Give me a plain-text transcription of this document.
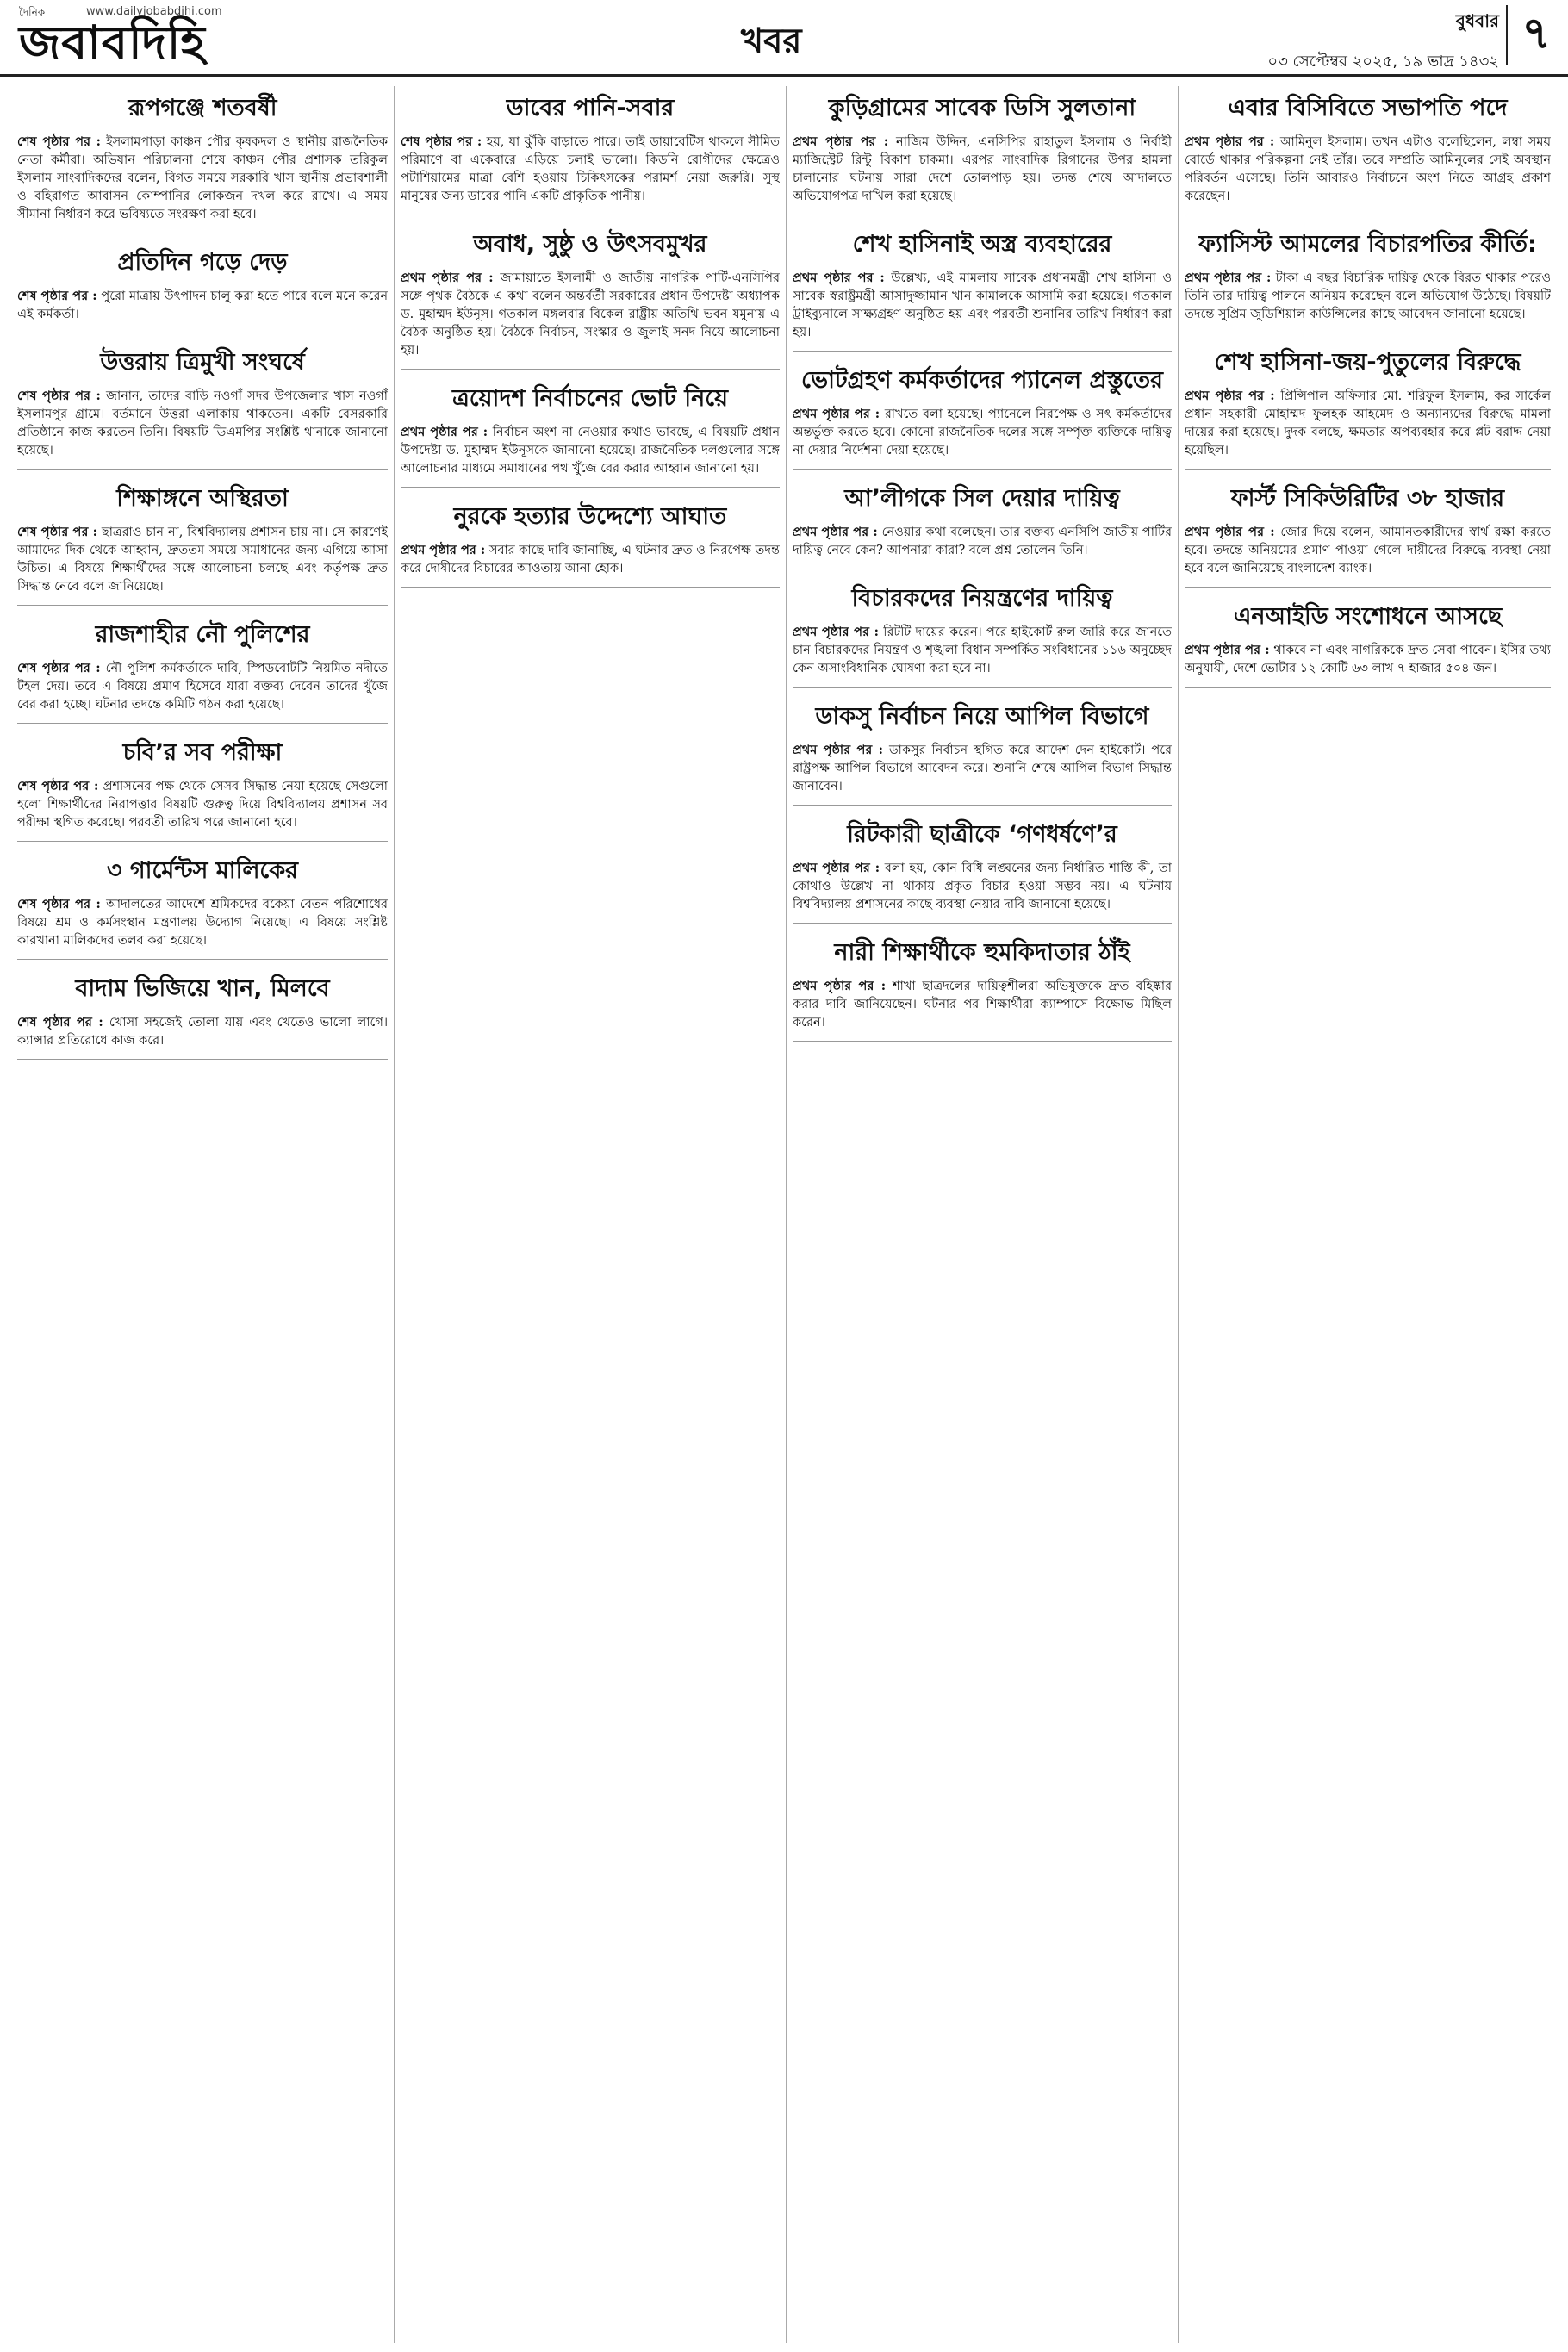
দৈনিক	www.dailyjobabdihi.com
জবাবদিহি	খবর
বুধবার
০৩ সেপ্টেম্বর ২০২৫, ১৯ ভাদ্র ১৪৩২
৭
রূপগঞ্জে শতবর্ষী
শেষ পৃষ্ঠার পর : ইসলামপাড়া কাঞ্চন পৌর কৃষকদল ও স্থানীয় রাজনৈতিক নেতা কর্মীরা। অভিযান পরিচালনা শেষে কাঞ্চন পৌর প্রশাসক তরিকুল ইসলাম সাংবাদিকদের বলেন, বিগত সময়ে সরকারি খাস স্থানীয় প্রভাবশালী ও বহিরাগত আবাসন কোম্পানির লোকজন দখল করে রাখে। এ সময় সীমানা নির্ধারণ করে ভবিষ্যতে সংরক্ষণ করা হবে।
প্রতিদিন গড়ে দেড়
শেষ পৃষ্ঠার পর : পুরো মাত্রায় উৎপাদন চালু করা হতে পারে বলে মনে করেন এই কর্মকর্তা।
উত্তরায় ত্রিমুখী সংঘর্ষে
শেষ পৃষ্ঠার পর : জানান, তাদের বাড়ি নওগাঁ সদর উপজেলার খাস নওগাঁ ইসলামপুর গ্রামে। বর্তমানে উত্তরা এলাকায় থাকতেন। একটি বেসরকারি প্রতিষ্ঠানে কাজ করতেন তিনি। বিষয়টি ডিএমপির সংশ্লিষ্ট থানাকে জানানো হয়েছে।
শিক্ষাঙ্গনে অস্থিরতা
শেষ পৃষ্ঠার পর : ছাত্ররাও চান না, বিশ্ববিদ্যালয় প্রশাসন চায় না। সে কারণেই আমাদের দিক থেকে আহ্বান, দ্রুততম সময়ে সমাধানের জন্য এগিয়ে আসা উচিত। এ বিষয়ে শিক্ষার্থীদের সঙ্গে আলোচনা চলছে এবং কর্তৃপক্ষ দ্রুত সিদ্ধান্ত নেবে বলে জানিয়েছে।
রাজশাহীর নৌ পুলিশের
শেষ পৃষ্ঠার পর : নৌ পুলিশ কর্মকর্তাকে দাবি, স্পিডবোটটি নিয়মিত নদীতে টহল দেয়। তবে এ বিষয়ে প্রমাণ হিসেবে যারা বক্তব্য দেবেন তাদের খুঁজে বের করা হচ্ছে। ঘটনার তদন্তে কমিটি গঠন করা হয়েছে।
চবি’র সব পরীক্ষা
শেষ পৃষ্ঠার পর : প্রশাসনের পক্ষ থেকে সেসব সিদ্ধান্ত নেয়া হয়েছে সেগুলো হলো শিক্ষার্থীদের নিরাপত্তার বিষয়টি গুরুত্ব দিয়ে বিশ্ববিদ্যালয় প্রশাসন সব পরীক্ষা স্থগিত করেছে। পরবর্তী তারিখ পরে জানানো হবে।
৩ গার্মেন্টস মালিকের
শেষ পৃষ্ঠার পর : আদালতের আদেশে শ্রমিকদের বকেয়া বেতন পরিশোধের বিষয়ে শ্রম ও কর্মসংস্থান মন্ত্রণালয় উদ্যোগ নিয়েছে। এ বিষয়ে সংশ্লিষ্ট কারখানা মালিকদের তলব করা হয়েছে।
বাদাম ভিজিয়ে খান, মিলবে
শেষ পৃষ্ঠার পর : খোসা সহজেই তোলা যায় এবং খেতেও ভালো লাগে। ক্যান্সার প্রতিরোধে কাজ করে।
ডাবের পানি-সবার
শেষ পৃষ্ঠার পর : হয়, যা ঝুঁকি বাড়াতে পারে। তাই ডায়াবেটিস থাকলে সীমিত পরিমাণে বা একেবারে এড়িয়ে চলাই ভালো। কিডনি রোগীদের ক্ষেত্রেও পটাশিয়ামের মাত্রা বেশি হওয়ায় চিকিৎসকের পরামর্শ নেয়া জরুরি। সুস্থ মানুষের জন্য ডাবের পানি একটি প্রাকৃতিক পানীয়।
অবাধ, সুষ্ঠু ও উৎসবমুখর
প্রথম পৃষ্ঠার পর : জামায়াতে ইসলামী ও জাতীয় নাগরিক পার্টি-এনসিপির সঙ্গে পৃথক বৈঠকে এ কথা বলেন অন্তর্বর্তী সরকারের প্রধান উপদেষ্টা অধ্যাপক ড. মুহাম্মদ ইউনূস। গতকাল মঙ্গলবার বিকেল রাষ্ট্রীয় অতিথি ভবন যমুনায় এ বৈঠক অনুষ্ঠিত হয়। বৈঠকে নির্বাচন, সংস্কার ও জুলাই সনদ নিয়ে আলোচনা হয়।
ত্রয়োদশ নির্বাচনের ভোট নিয়ে
প্রথম পৃষ্ঠার পর : নির্বাচন অংশ না নেওয়ার কথাও ভাবছে, এ বিষয়টি প্রধান উপদেষ্টা ড. মুহাম্মদ ইউনূসকে জানানো হয়েছে। রাজনৈতিক দলগুলোর সঙ্গে আলোচনার মাধ্যমে সমাধানের পথ খুঁজে বের করার আহ্বান জানানো হয়।
নুরকে হত্যার উদ্দেশ্যে আঘাত
প্রথম পৃষ্ঠার পর : সবার কাছে দাবি জানাচ্ছি, এ ঘটনার দ্রুত ও নিরপেক্ষ তদন্ত করে দোষীদের বিচারের আওতায় আনা হোক।
কুড়িগ্রামের সাবেক ডিসি সুলতানা
প্রথম পৃষ্ঠার পর : নাজিম উদ্দিন, এনসিপির রাহাতুল ইসলাম ও নির্বাহী ম্যাজিস্ট্রেট রিন্টু বিকাশ চাকমা। এরপর সাংবাদিক রিগানের উপর হামলা চালানোর ঘটনায় সারা দেশে তোলপাড় হয়। তদন্ত শেষে আদালতে অভিযোগপত্র দাখিল করা হয়েছে।
শেখ হাসিনাই অস্ত্র ব্যবহারের
প্রথম পৃষ্ঠার পর : উল্লেখ্য, এই মামলায় সাবেক প্রধানমন্ত্রী শেখ হাসিনা ও সাবেক স্বরাষ্ট্রমন্ত্রী আসাদুজ্জামান খান কামালকে আসামি করা হয়েছে। গতকাল ট্রাইব্যুনালে সাক্ষ্যগ্রহণ অনুষ্ঠিত হয় এবং পরবর্তী শুনানির তারিখ নির্ধারণ করা হয়।
ভোটগ্রহণ কর্মকর্তাদের প্যানেল প্রস্তুতের
প্রথম পৃষ্ঠার পর : রাখতে বলা হয়েছে। প্যানেলে নিরপেক্ষ ও সৎ কর্মকর্তাদের অন্তর্ভুক্ত করতে হবে। কোনো রাজনৈতিক দলের সঙ্গে সম্পৃক্ত ব্যক্তিকে দায়িত্ব না দেয়ার নির্দেশনা দেয়া হয়েছে।
আ’লীগকে সিল দেয়ার দায়িত্ব
প্রথম পৃষ্ঠার পর : নেওয়ার কথা বলেছেন। তার বক্তব্য এনসিপি জাতীয় পার্টির দায়িত্ব নেবে কেন? আপনারা কারা? বলে প্রশ্ন তোলেন তিনি।
বিচারকদের নিয়ন্ত্রণের দায়িত্ব
প্রথম পৃষ্ঠার পর : রিটটি দায়ের করেন। পরে হাইকোর্ট রুল জারি করে জানতে চান বিচারকদের নিয়ন্ত্রণ ও শৃঙ্খলা বিধান সম্পর্কিত সংবিধানের ১১৬ অনুচ্ছেদ কেন অসাংবিধানিক ঘোষণা করা হবে না।
ডাকসু নির্বাচন নিয়ে আপিল বিভাগে
প্রথম পৃষ্ঠার পর : ডাকসুর নির্বাচন স্থগিত করে আদেশ দেন হাইকোর্ট। পরে রাষ্ট্রপক্ষ আপিল বিভাগে আবেদন করে। শুনানি শেষে আপিল বিভাগ সিদ্ধান্ত জানাবেন।
রিটকারী ছাত্রীকে ‘গণধর্ষণে’র
প্রথম পৃষ্ঠার পর : বলা হয়, কোন বিধি লঙ্ঘনের জন্য নির্ধারিত শাস্তি কী, তা কোথাও উল্লেখ না থাকায় প্রকৃত বিচার হওয়া সম্ভব নয়। এ ঘটনায় বিশ্ববিদ্যালয় প্রশাসনের কাছে ব্যবস্থা নেয়ার দাবি জানানো হয়েছে।
নারী শিক্ষার্থীকে হুমকিদাতার ঠাঁই
প্রথম পৃষ্ঠার পর : শাখা ছাত্রদলের দায়িত্বশীলরা অভিযুক্তকে দ্রুত বহিষ্কার করার দাবি জানিয়েছেন। ঘটনার পর শিক্ষার্থীরা ক্যাম্পাসে বিক্ষোভ মিছিল করেন।
এবার বিসিবিতে সভাপতি পদে
প্রথম পৃষ্ঠার পর : আমিনুল ইসলাম। তখন এটাও বলেছিলেন, লম্বা সময় বোর্ডে থাকার পরিকল্পনা নেই তাঁর। তবে সম্প্রতি আমিনুলের সেই অবস্থান পরিবর্তন এসেছে। তিনি আবারও নির্বাচনে অংশ নিতে আগ্রহ প্রকাশ করেছেন।
ফ্যাসিস্ট আমলের বিচারপতির কীর্তি:
প্রথম পৃষ্ঠার পর : টাকা এ বছর বিচারিক দায়িত্ব থেকে বিরত থাকার পরেও তিনি তার দায়িত্ব পালনে অনিয়ম করেছেন বলে অভিযোগ উঠেছে। বিষয়টি তদন্তে সুপ্রিম জুডিশিয়াল কাউন্সিলের কাছে আবেদন জানানো হয়েছে।
শেখ হাসিনা-জয়-পুতুলের বিরুদ্ধে
প্রথম পৃষ্ঠার পর : প্রিন্সিপাল অফিসার মো. শরিফুল ইসলাম, কর সার্কেল প্রধান সহকারী মোহাম্মদ ফুলহক আহমেদ ও অন্যান্যদের বিরুদ্ধে মামলা দায়ের করা হয়েছে। দুদক বলছে, ক্ষমতার অপব্যবহার করে প্লট বরাদ্দ নেয়া হয়েছিল।
ফার্স্ট সিকিউরিটির ৩৮ হাজার
প্রথম পৃষ্ঠার পর : জোর দিয়ে বলেন, আমানতকারীদের স্বার্থ রক্ষা করতে হবে। তদন্তে অনিয়মের প্রমাণ পাওয়া গেলে দায়ীদের বিরুদ্ধে ব্যবস্থা নেয়া হবে বলে জানিয়েছে বাংলাদেশ ব্যাংক।
এনআইডি সংশোধনে আসছে
প্রথম পৃষ্ঠার পর : থাকবে না এবং নাগরিককে দ্রুত সেবা পাবেন। ইসির তথ্য অনুযায়ী, দেশে ভোটার ১২ কোটি ৬৩ লাখ ৭ হাজার ৫০৪ জন।
